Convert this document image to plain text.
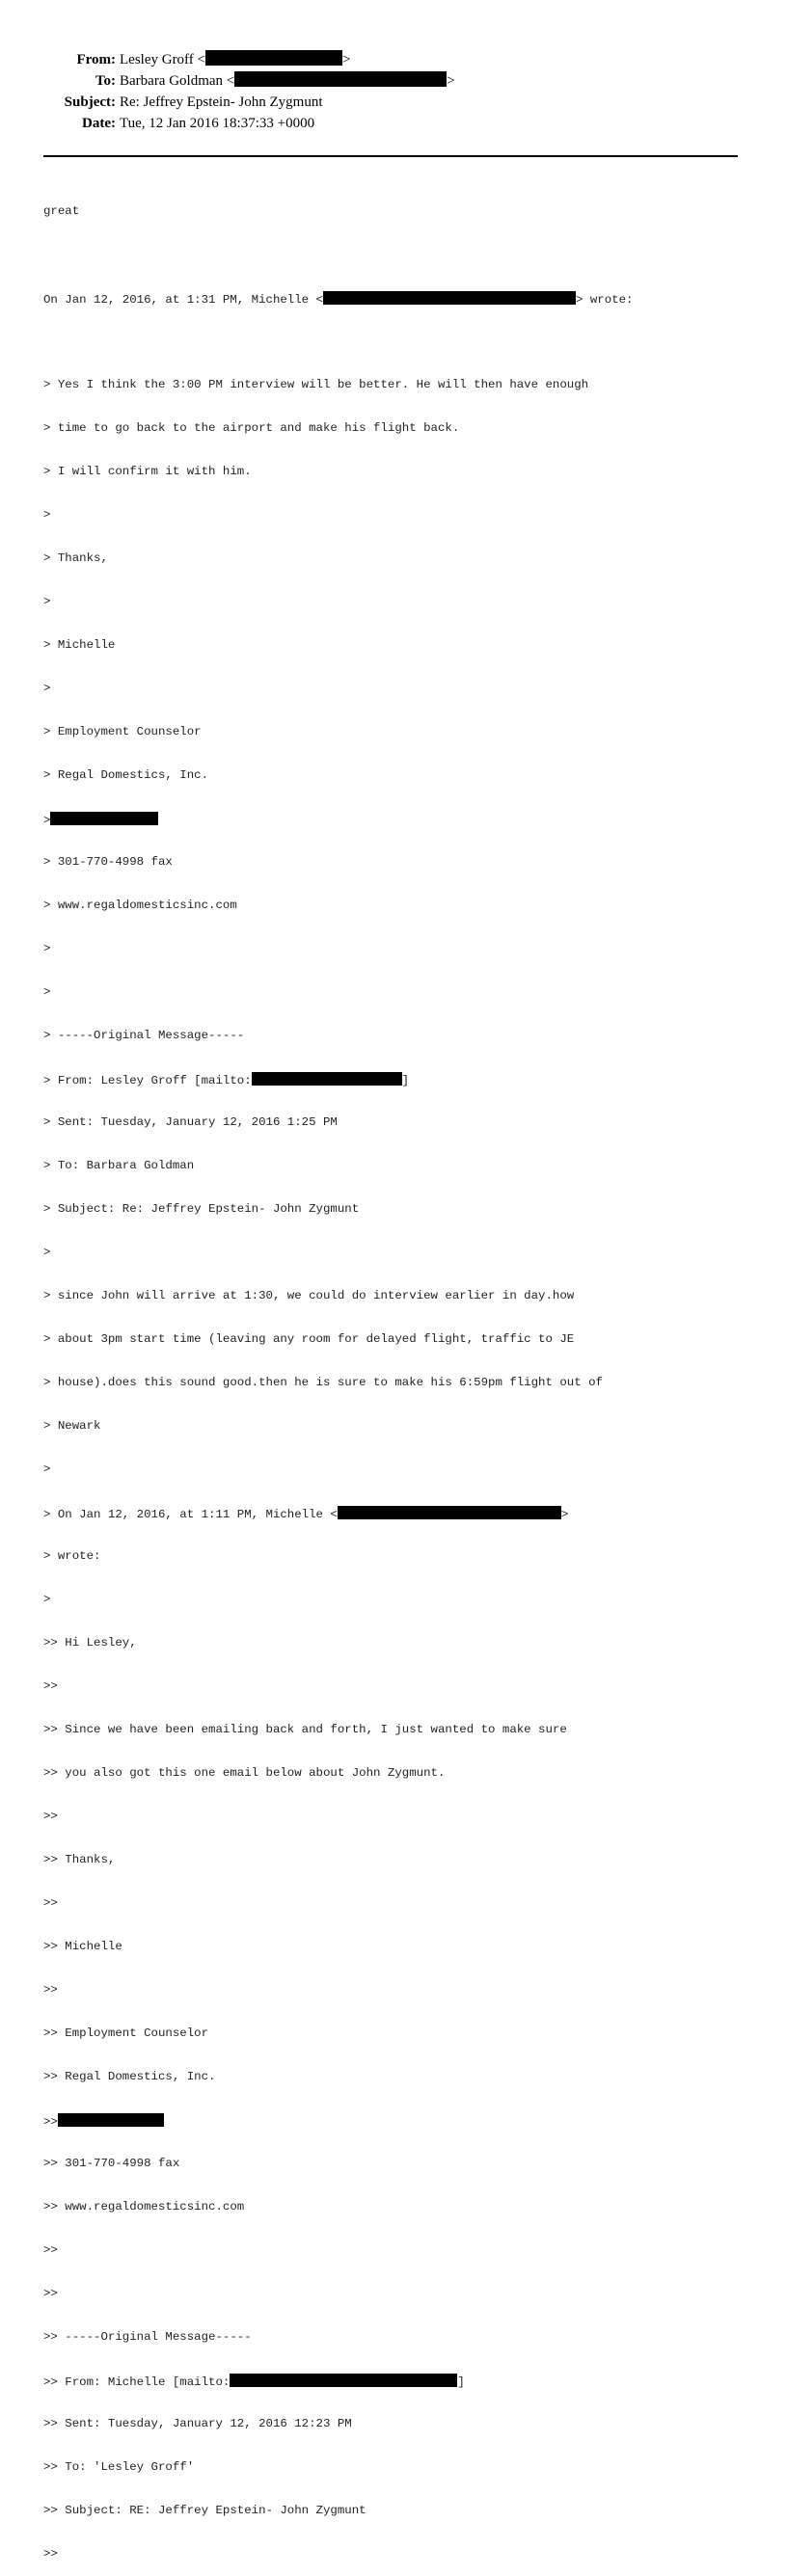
From: Lesley Groff <	>
To: Barbara Goldman <	>
Subject: Re: Jeffrey Epstein- John Zygmunt
Date: Tue, 12 Jan 2016 18:37:33 +0000

great

On Jan 12, 2016, at 1:31 PM, Michelle <	> wrote:

> Yes I think the 3:00 PM interview will be better. He will then have enough

> time to go back to the airport and make his flight back.

> I will confirm it with him.

>

> Thanks,

>

> Michelle

>

> Employment Counselor

> Regal Domestics, Inc.

>

> 301-770-4998 fax

> www.regaldomesticsinc.com

>

>

> -----Original Message-----

> From: Lesley Groff [mailto:	]

> Sent: Tuesday, January 12, 2016 1:25 PM

> To: Barbara Goldman

> Subject: Re: Jeffrey Epstein- John Zygmunt

>

> since John will arrive at 1:30, we could do interview earlier in day.how

> about 3pm start time (leaving any room for delayed flight, traffic to JE

> house).does this sound good.then he is sure to make his 6:59pm flight out of

> Newark

>

> On Jan 12, 2016, at 1:11 PM, Michelle <	>

> wrote:

>

>> Hi Lesley,

>>

>> Since we have been emailing back and forth, I just wanted to make sure

>> you also got this one email below about John Zygmunt.

>>

>> Thanks,

>>

>> Michelle

>>

>> Employment Counselor

>> Regal Domestics, Inc.

>>

>> 301-770-4998 fax

>> www.regaldomesticsinc.com

>>

>>

>> -----Original Message-----

>> From: Michelle [mailto:	]

>> Sent: Tuesday, January 12, 2016 12:23 PM

>> To: 'Lesley Groff'

>> Subject: RE: Jeffrey Epstein- John Zygmunt

>>
